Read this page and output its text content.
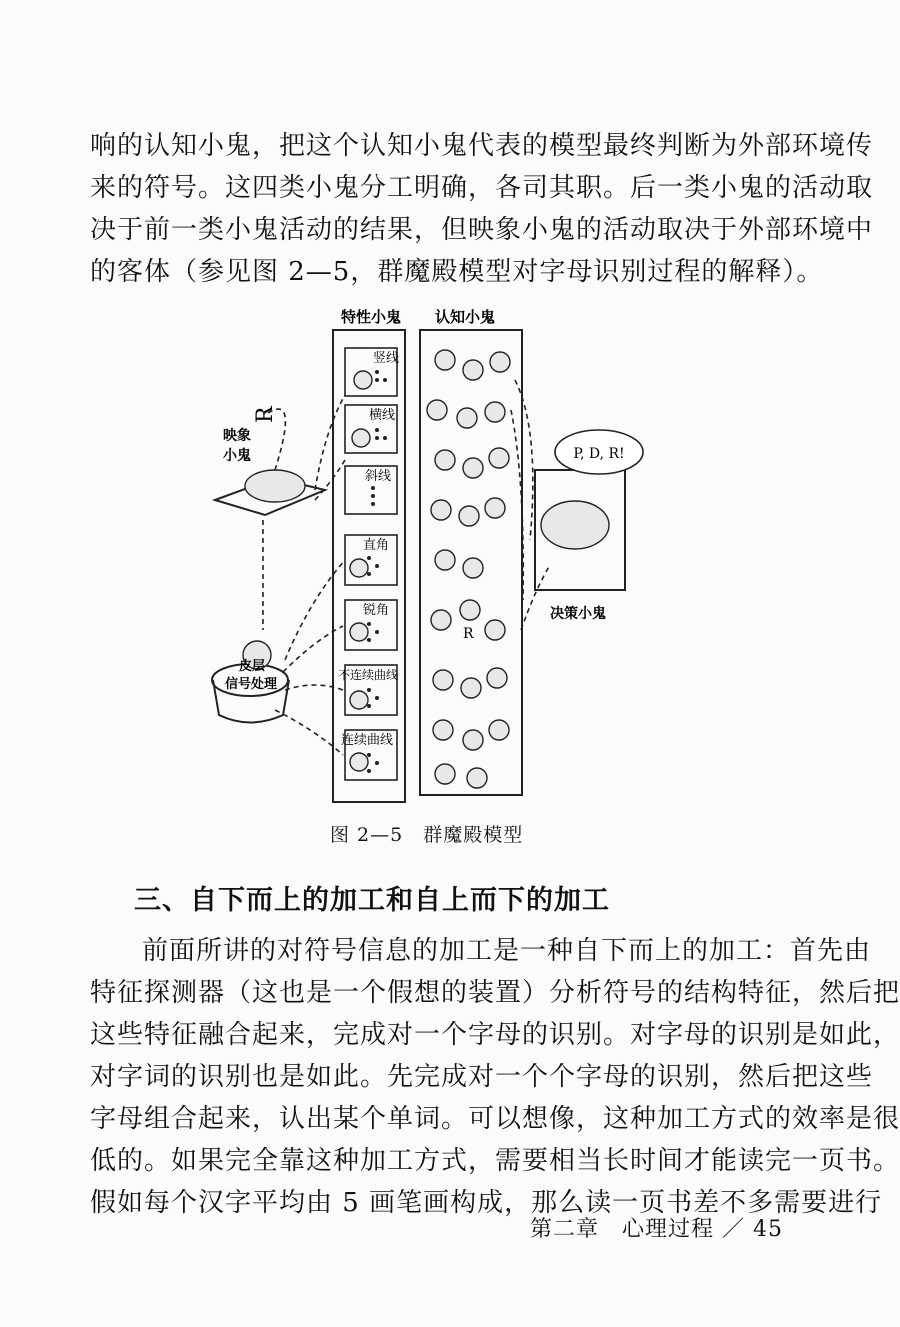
响的认知小鬼，把这个认知小鬼代表的模型最终判断为外部环境传
来的符号。这四类小鬼分工明确，各司其职。后一类小鬼的活动取
决于前一类小鬼活动的结果，但映象小鬼的活动取决于外部环境中
的客体（参见图 2—5，群魔殿模型对字母识别过程的解释）。
P, D, R!
特性小鬼 认知小鬼
映象
小鬼
皮层
信号处理
决策小鬼
R
R
竖线
横线
斜线
直角
锐角
不连续曲线
连续曲线
图 2—5　群魔殿模型
三、自下而上的加工和自上而下的加工
前面所讲的对符号信息的加工是一种自下而上的加工：首先由
特征探测器（这也是一个假想的装置）分析符号的结构特征，然后把
这些特征融合起来，完成对一个字母的识别。对字母的识别是如此，
对字词的识别也是如此。先完成对一个个字母的识别，然后把这些
字母组合起来，认出某个单词。可以想像，这种加工方式的效率是很
低的。如果完全靠这种加工方式，需要相当长时间才能读完一页书。
假如每个汉字平均由 5 画笔画构成，那么读一页书差不多需要进行
第二章　心理过程 ／ 45
